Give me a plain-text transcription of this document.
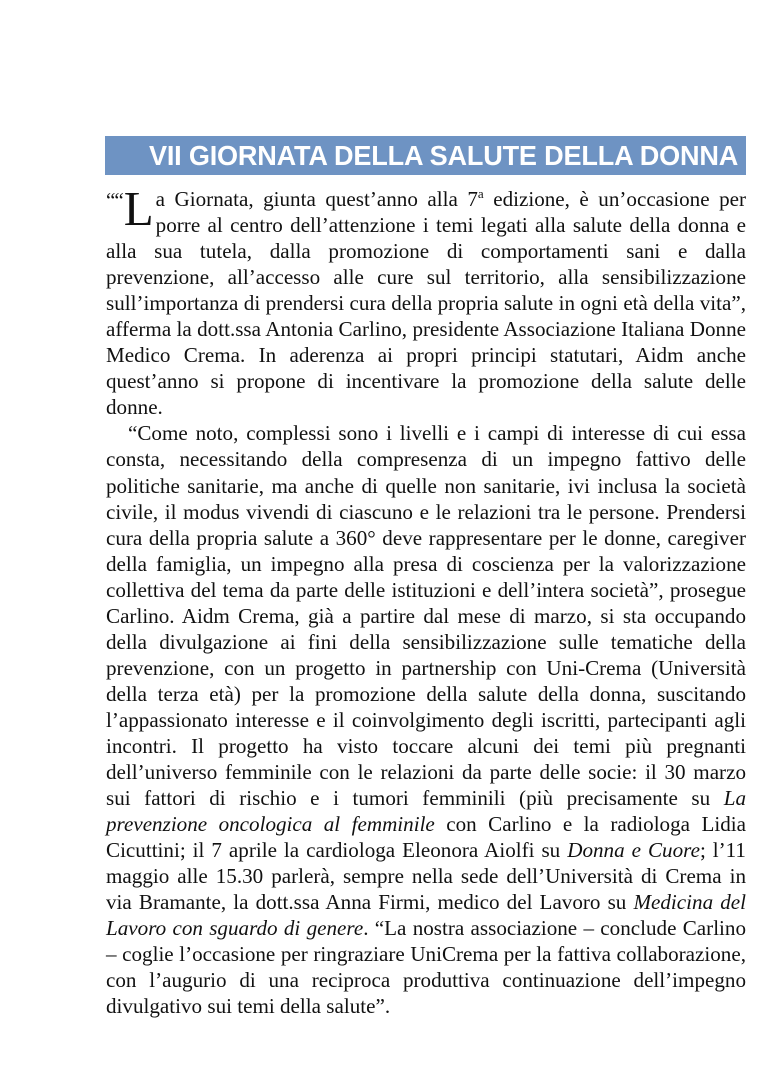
VII GIORNATA DELLA SALUTE DELLA DONNA

““ L a Giornata, giunta quest’anno alla 7$^a$ edizione, è un’occasione per porre al centro dell’attenzione i temi legati alla salute della donna e alla sua tutela, dalla promozione di comportamenti sani e dalla prevenzione, all’accesso alle cure sul territorio, alla sensibilizzazione sull’importanza di prendersi cura della propria salute in ogni età della vita”, afferma la dott.ssa Antonia Carlino, presidente Associazione Italiana Donne Medico Crema. In aderenza ai propri principi statutari, Aidm anche quest’anno si propone di incentivare la promozione della salute delle donne.

“Come noto, complessi sono i livelli e i campi di interesse di cui essa consta, necessitando della compresenza di un impegno fattivo delle politiche sanitarie, ma anche di quelle non sanitarie, ivi inclusa la società civile, il modus vivendi di ciascuno e le relazioni tra le persone. Prendersi cura della propria salute a 360° deve rappresentare per le donne, caregiver della famiglia, un impegno alla presa di coscienza per la valorizzazione collettiva del tema da parte delle istituzioni e dell’intera società”, prosegue Carlino. Aidm Crema, già a partire dal mese di marzo, si sta occupando della divulgazione ai fini della sensibilizzazione sulle tematiche della prevenzione, con un progetto in partnership con Uni-Crema (Università della terza età) per la promozione della salute della donna, suscitando l’appassionato interesse e il coinvolgimento degli iscritti, partecipanti agli incontri. Il progetto ha visto toccare alcuni dei temi più pregnanti dell’universo femminile con le relazioni da parte delle socie: il 30 marzo sui fattori di rischio e i tumori femminili (più precisamente su La prevenzione oncologica al femminile con Carlino e la radiologa Lidia Cicuttini; il 7 aprile la cardiologa Eleonora Aiolfi su Donna e Cuore; l’11 maggio alle 15.30 parlerà, sempre nella sede dell’Università di Crema in via Bramante, la dott.ssa Anna Firmi, medico del Lavoro su Medicina del Lavoro con sguardo di genere. “La nostra associazione – conclude Carlino – coglie l’occasione per ringraziare UniCrema per la fattiva collaborazione, con l’augurio di una reciproca produttiva continuazione dell’impegno divulgativo sui temi della salute”.
